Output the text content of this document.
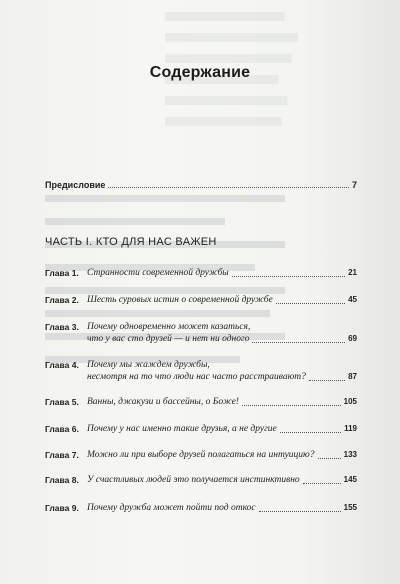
Содержание
Предисловие	7
ЧАСТЬ I. КТО ДЛЯ НАС ВАЖЕН
Глава 1. Странности современной дружбы	21
Глава 2. Шесть суровых истин о современной дружбе	45
Глава 3. Почему одновременно может казаться,
что у вас сто друзей — и нет ни одного	69
Глава 4. Почему мы жаждем дружбы,
несмотря на то что люди нас часто расстраивают?	87
Глава 5. Ванны, джакузи и бассейны, о Боже!	105
Глава 6. Почему у нас именно такие друзья, а не другие	119
Глава 7. Можно ли при выборе друзей полагаться на интуицию?	133
Глава 8. У счастливых людей это получается инстинктивно	145
Глава 9. Почему дружба может пойти под откос	155
